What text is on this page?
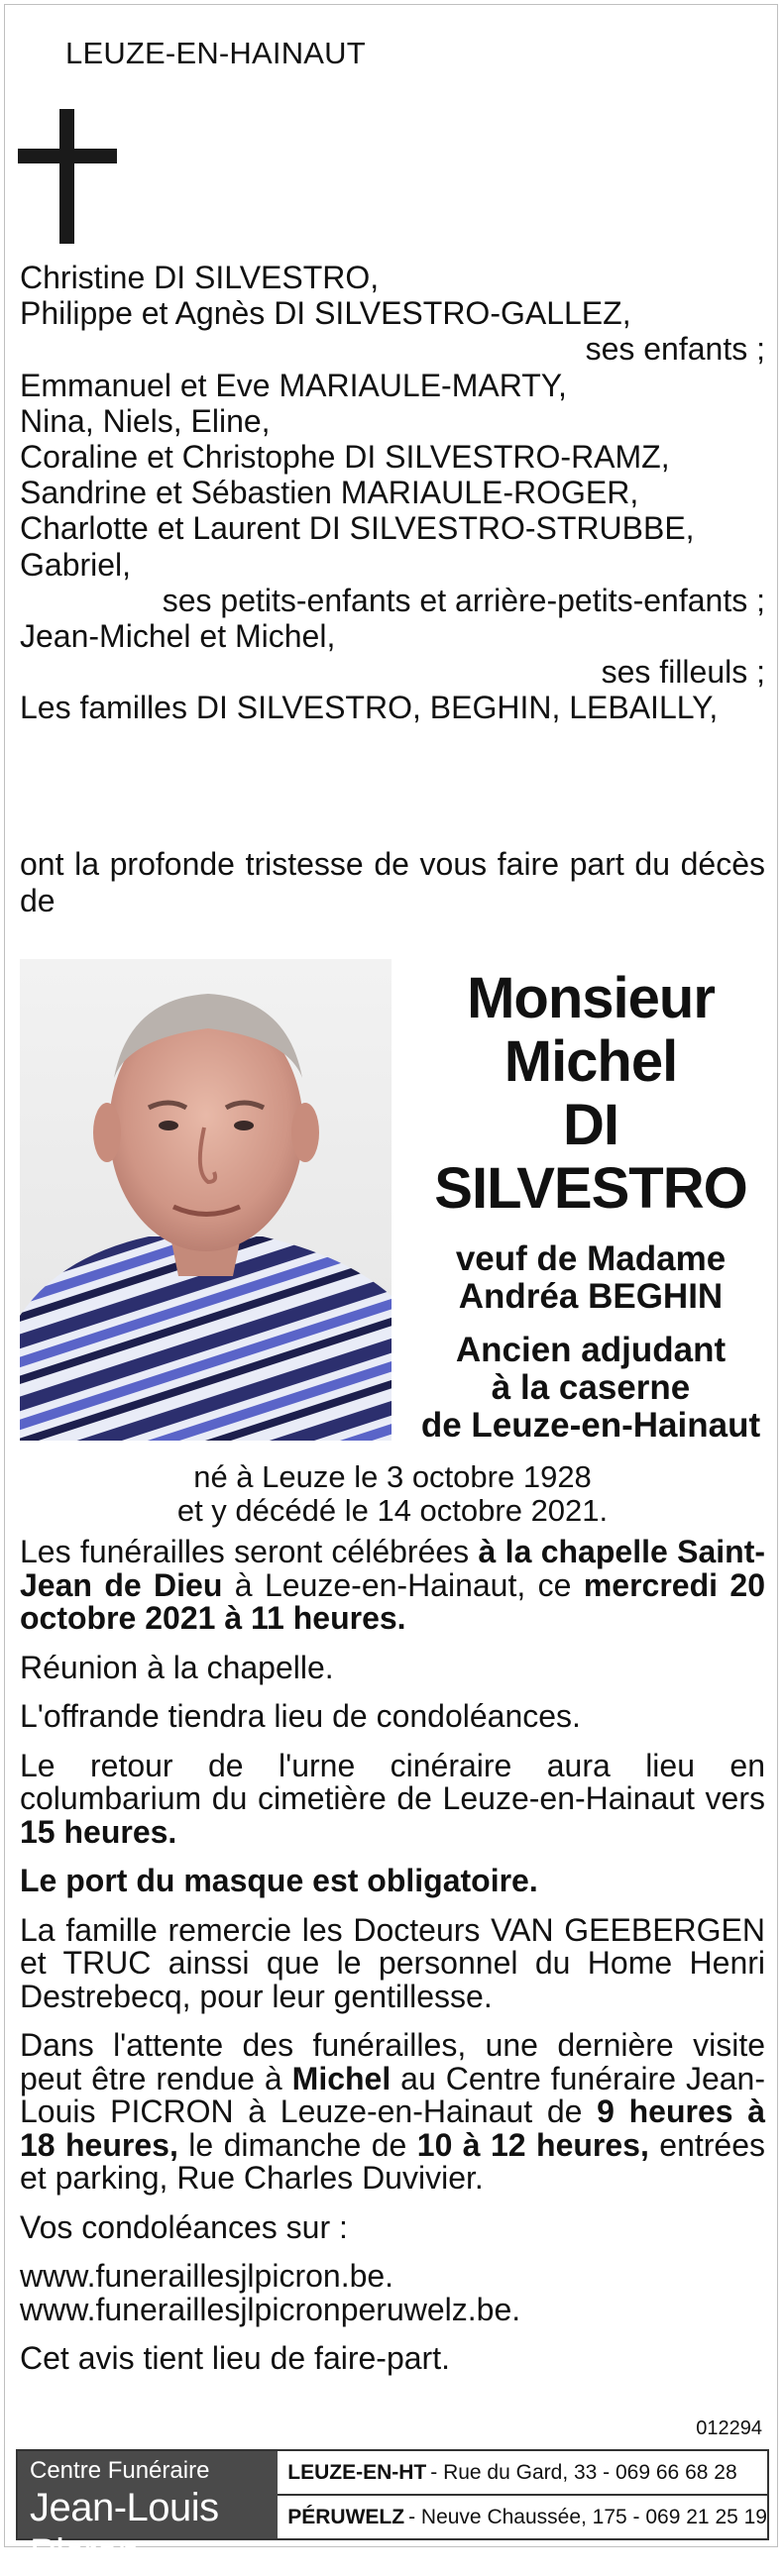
LEUZE-EN-HAINAUT
Christine DI SILVESTRO,
Philippe et Agnès DI SILVESTRO-GALLEZ,
ses enfants ;
Emmanuel et Eve MARIAULE-MARTY,
Nina, Niels, Eline,
Coraline et Christophe DI SILVESTRO-RAMZ,
Sandrine et Sébastien MARIAULE-ROGER,
Charlotte et Laurent DI SILVESTRO-STRUBBE,
Gabriel,
ses petits-enfants et arrière-petits-enfants ;
Jean-Michel et Michel,
ses filleuls ;
Les familles DI SILVESTRO, BEGHIN, LEBAILLY,
ont la profonde tristesse de vous faire part du décès de
Monsieur
Michel
DI SILVESTRO
veuf de Madame
Andréa BEGHIN
Ancien adjudant
à la caserne
de Leuze-en-Hainaut
né à Leuze le 3 octobre 1928
et y décédé le 14 octobre 2021.

Les funérailles seront célébrées à la chapelle Saint-Jean de Dieu à Leuze-en-Hainaut, ce mercredi 20 octobre 2021 à 11 heures.

Réunion à la chapelle.

L'offrande tiendra lieu de condoléances.

Le retour de l'urne cinéraire aura lieu en columbarium du cimetière de Leuze-en-Hainaut vers 15 heures.

Le port du masque est obligatoire.

La famille remercie les Docteurs VAN GEEBERGEN et TRUC ainssi que le personnel du Home Henri Destrebecq, pour leur gentillesse.

Dans l'attente des funérailles, une dernière visite peut être rendue à Michel au Centre funéraire Jean-Louis PICRON à Leuze-en-Hainaut de 9 heures à 18 heures, le dimanche de 10 à 12 heures, entrées et parking, Rue Charles Duvivier.

Vos condoléances sur :

www.funeraillesjlpicron.be.

www.funeraillesjlpicronperuwelz.be.

Cet avis tient lieu de faire-part.

012294
Centre Funéraire
Jean-Louis Picron
LEUZE-EN-HT - Rue du Gard, 33 - 069 66 68 28
PÉRUWELZ - Neuve Chaussée, 175 - 069 21 25 19
